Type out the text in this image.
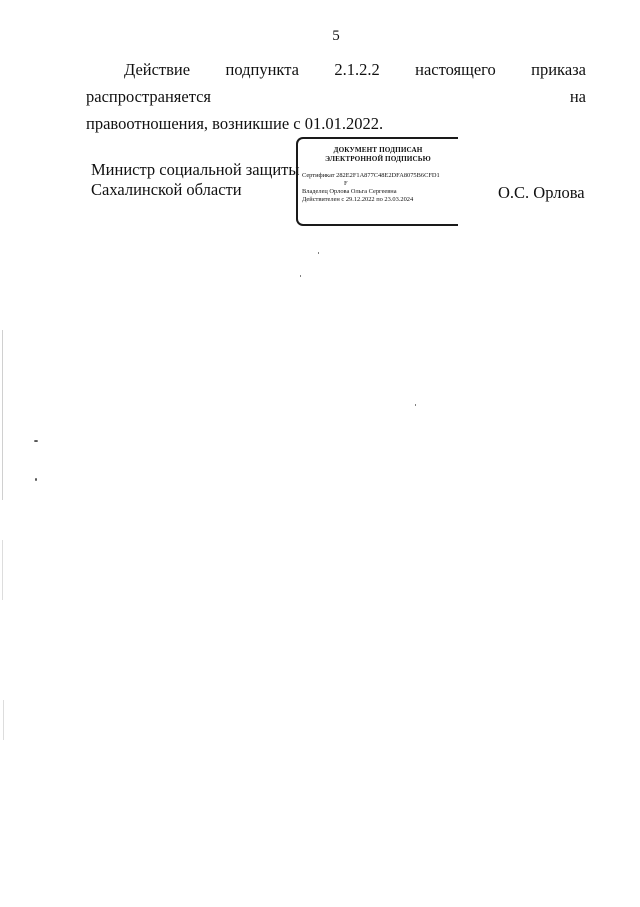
5
Действие подпункта 2.1.2.2 настоящего приказа распространяется на
правоотношения, возникшие с 01.01.2022.
Министр социальной защиты
Сахалинской области
ДОКУМЕНТ ПОДПИСАН
ЭЛЕКТРОННОЙ ПОДПИСЬЮ
Сертификат 282E2F1A877C48E2DFA8075B6CFD1
F
Владелец Орлова Ольга Сергеевна
Действителен с 29.12.2022 по 23.03.2024	О.С. Орлова
